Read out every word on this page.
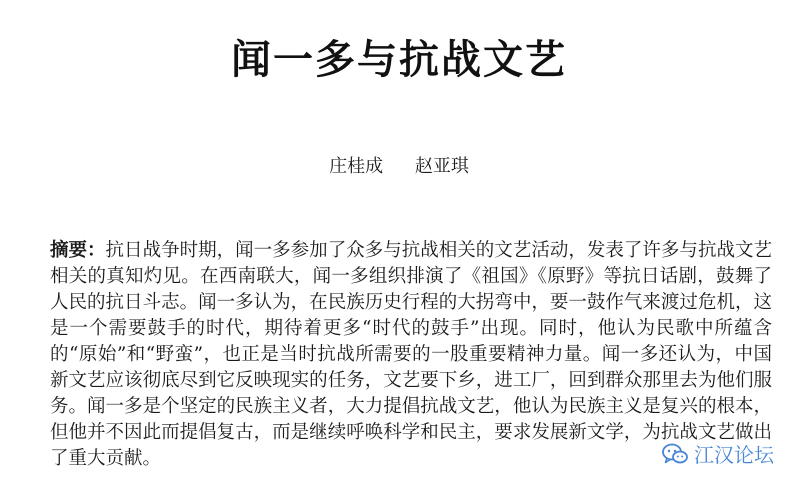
闻一多与抗战文艺
庄桂成 赵亚琪
摘要：抗日战争时期，闻一多参加了众多与抗战相关的文艺活动，发表了许多与抗战文艺相关的真知灼见。在西南联大，闻一多组织排演了《祖国》《原野》等抗日话剧，鼓舞了人民的抗日斗志。闻一多认为，在民族历史行程的大拐弯中，要一鼓作气来渡过危机，这是一个需要鼓手的时代，期待着更多“时代的鼓手”出现。同时，他认为民歌中所蕴含的“原始”和“野蛮”，也正是当时抗战所需要的一股重要精神力量。闻一多还认为，中国新文艺应该彻底尽到它反映现实的任务，文艺要下乡，进工厂，回到群众那里去为他们服务。闻一多是个坚定的民族主义者，大力提倡抗战文艺，他认为民族主义是复兴的根本，但他并不因此而提倡复古，而是继续呼唤科学和民主，要求发展新文学，为抗战文艺做出了重大贡献。	江汉论坛
